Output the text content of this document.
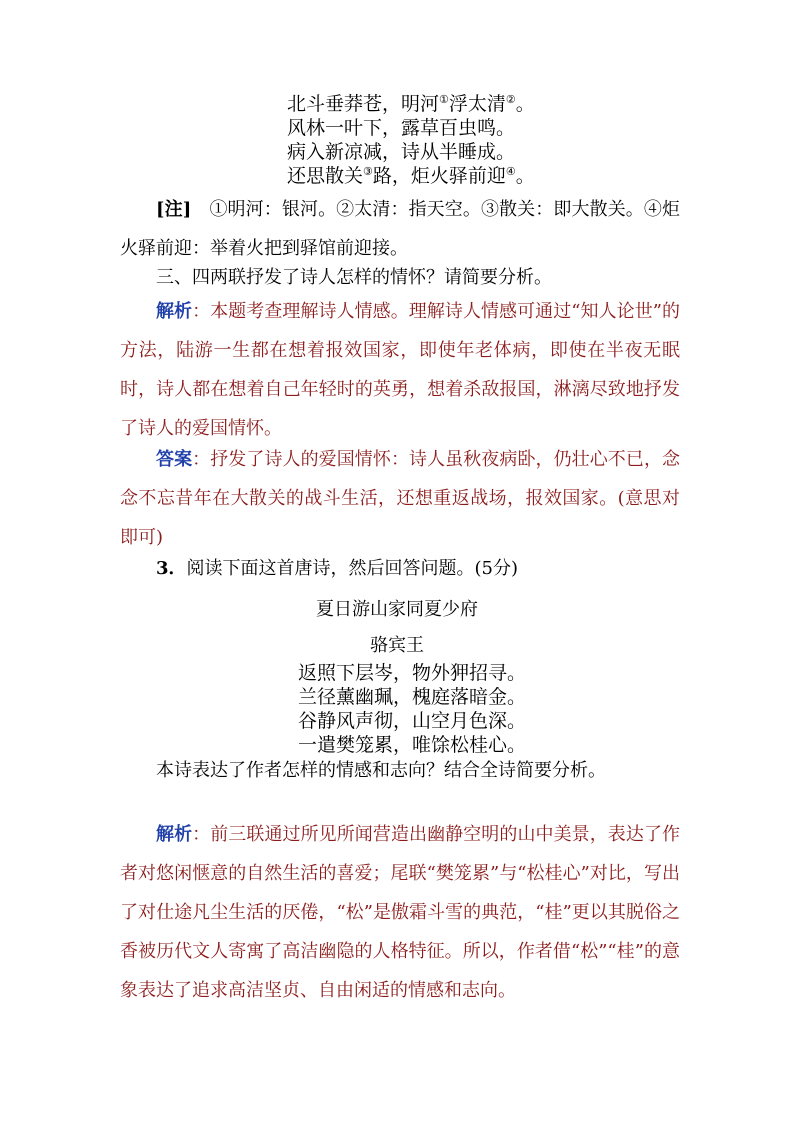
北斗垂莽苍，明河①浮太清②。
风林一叶下，露草百虫鸣。
病入新凉减，诗从半睡成。
还思散关③路，炬火驿前迎④。
[注]　①明河：银河。②太清：指天空。③散关：即大散关。④炬火驿前迎：举着火把到驿馆前迎接。
三、四两联抒发了诗人怎样的情怀？请简要分析。
解析：本题考查理解诗人情感。理解诗人情感可通过“知人论世”的方法，陆游一生都在想着报效国家，即使年老体病，即使在半夜无眠时，诗人都在想着自己年轻时的英勇，想着杀敌报国，淋漓尽致地抒发了诗人的爱国情怀。
答案：抒发了诗人的爱国情怀：诗人虽秋夜病卧，仍壮心不已，念念不忘昔年在大散关的战斗生活，还想重返战场，报效国家。(意思对即可)
3．阅读下面这首唐诗，然后回答问题。(5分)
夏日游山家同夏少府
骆宾王
返照下层岑，物外狎招寻。
兰径薰幽珮，槐庭落暗金。
谷静风声彻，山空月色深。
一遣樊笼累，唯馀松桂心。
本诗表达了作者怎样的情感和志向？结合全诗简要分析。
解析：前三联通过所见所闻营造出幽静空明的山中美景，表达了作者对悠闲惬意的自然生活的喜爱；尾联“樊笼累”与“松桂心”对比，写出了对仕途凡尘生活的厌倦，“松”是傲霜斗雪的典范，“桂”更以其脱俗之香被历代文人寄寓了高洁幽隐的人格特征。所以，作者借“松”“桂”的意象表达了追求高洁坚贞、自由闲适的情感和志向。
